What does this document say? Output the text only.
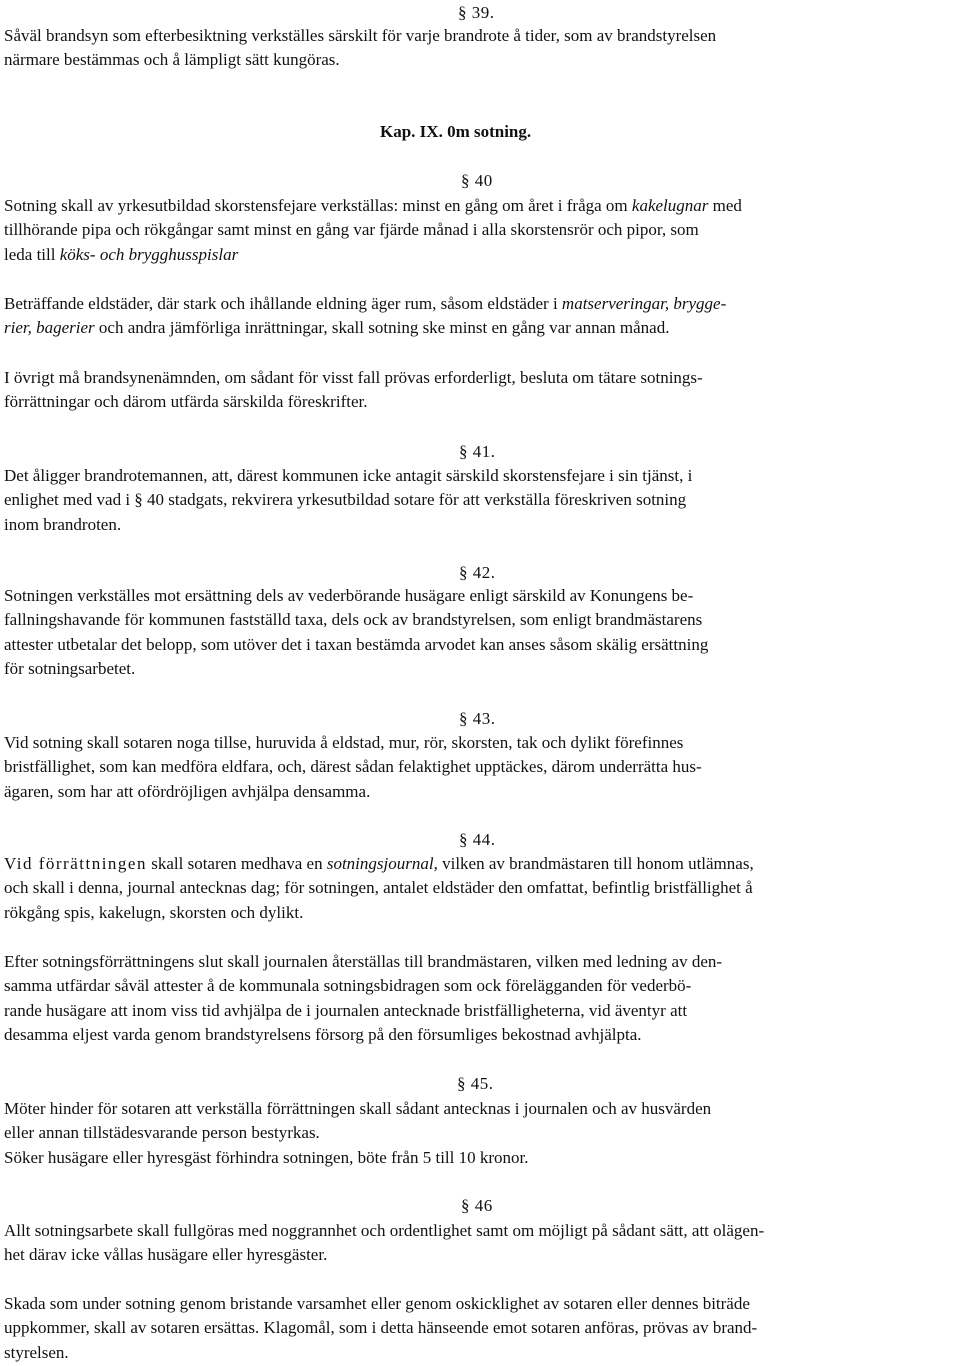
§ 39.
Såväl brandsyn som efterbesiktning verkställes särskilt för varje brandrote å tider, som av brandstyrelsen
närmare bestämmas och å lämpligt sätt kungöras.
Kap. IX. 0m sotning.
§ 40
Sotning skall av yrkesutbildad skorstensfejare verkställas: minst en gång om året i fråga om kakelugnar med
tillhörande pipa och rökgångar samt minst en gång var fjärde månad i alla skorstensrör och pipor, som
leda till köks- och brygghusspislar
Beträffande eldstäder, där stark och ihållande eldning äger rum, såsom eldstäder i matserveringar, brygge-
rier, bagerier och andra jämförliga inrättningar, skall sotning ske minst en gång var annan månad.
I övrigt må brandsynenämnden, om sådant för visst fall prövas erforderligt, besluta om tätare sotnings-
förrättningar och därom utfärda särskilda föreskrifter.
§ 41.
Det åligger brandrotemannen, att, därest kommunen icke antagit särskild skorstensfejare i sin tjänst, i
enlighet med vad i § 40 stadgats, rekvirera yrkesutbildad sotare för att verkställa föreskriven sotning
inom brandroten.
§ 42.
Sotningen verkställes mot ersättning dels av vederbörande husägare enligt särskild av Konungens be-
fallningshavande för kommunen fastställd taxa, dels ock av brandstyrelsen, som enligt brandmästarens
attester utbetalar det belopp, som utöver det i taxan bestämda arvodet kan anses såsom skälig ersättning
för sotningsarbetet.
§ 43.
Vid sotning skall sotaren noga tillse, huruvida å eldstad, mur, rör, skorsten, tak och dylikt förefinnes
bristfällighet, som kan medföra eldfara, och, därest sådan felaktighet upptäckes, därom underrätta hus-
ägaren, som har att ofördröjligen avhjälpa densamma.
§ 44.
Vid förrättningen skall sotaren medhava en sotningsjournal, vilken av brandmästaren till honom utlämnas,
och skall i denna, journal antecknas dag; för sotningen, antalet eldstäder den omfattat, befintlig bristfällighet å
rökgång spis, kakelugn, skorsten och dylikt.
Efter sotningsförrättningens slut skall journalen återställas till brandmästaren, vilken med ledning av den-
samma utfärdar såväl attester å de kommunala sotningsbidragen som ock förelägganden för vederbö-
rande husägare att inom viss tid avhjälpa de i journalen antecknade bristfälligheterna, vid äventyr att
desamma eljest varda genom brandstyrelsens försorg på den försumliges bekostnad avhjälpta.
§ 45.
Möter hinder för sotaren att verkställa förrättningen skall sådant antecknas i journalen och av husvärden
eller annan tillstädesvarande person bestyrkas.
Söker husägare eller hyresgäst förhindra sotningen, böte från 5 till 10 kronor.
§ 46
Allt sotningsarbete skall fullgöras med noggrannhet och ordentlighet samt om möjligt på sådant sätt, att olägen-
het därav icke vållas husägare eller hyresgäster.
Skada som under sotning genom bristande varsamhet eller genom oskicklighet av sotaren eller dennes biträde
uppkommer, skall av sotaren ersättas. Klagomål, som i detta hänseende emot sotaren anföras, prövas av brand-
styrelsen.
